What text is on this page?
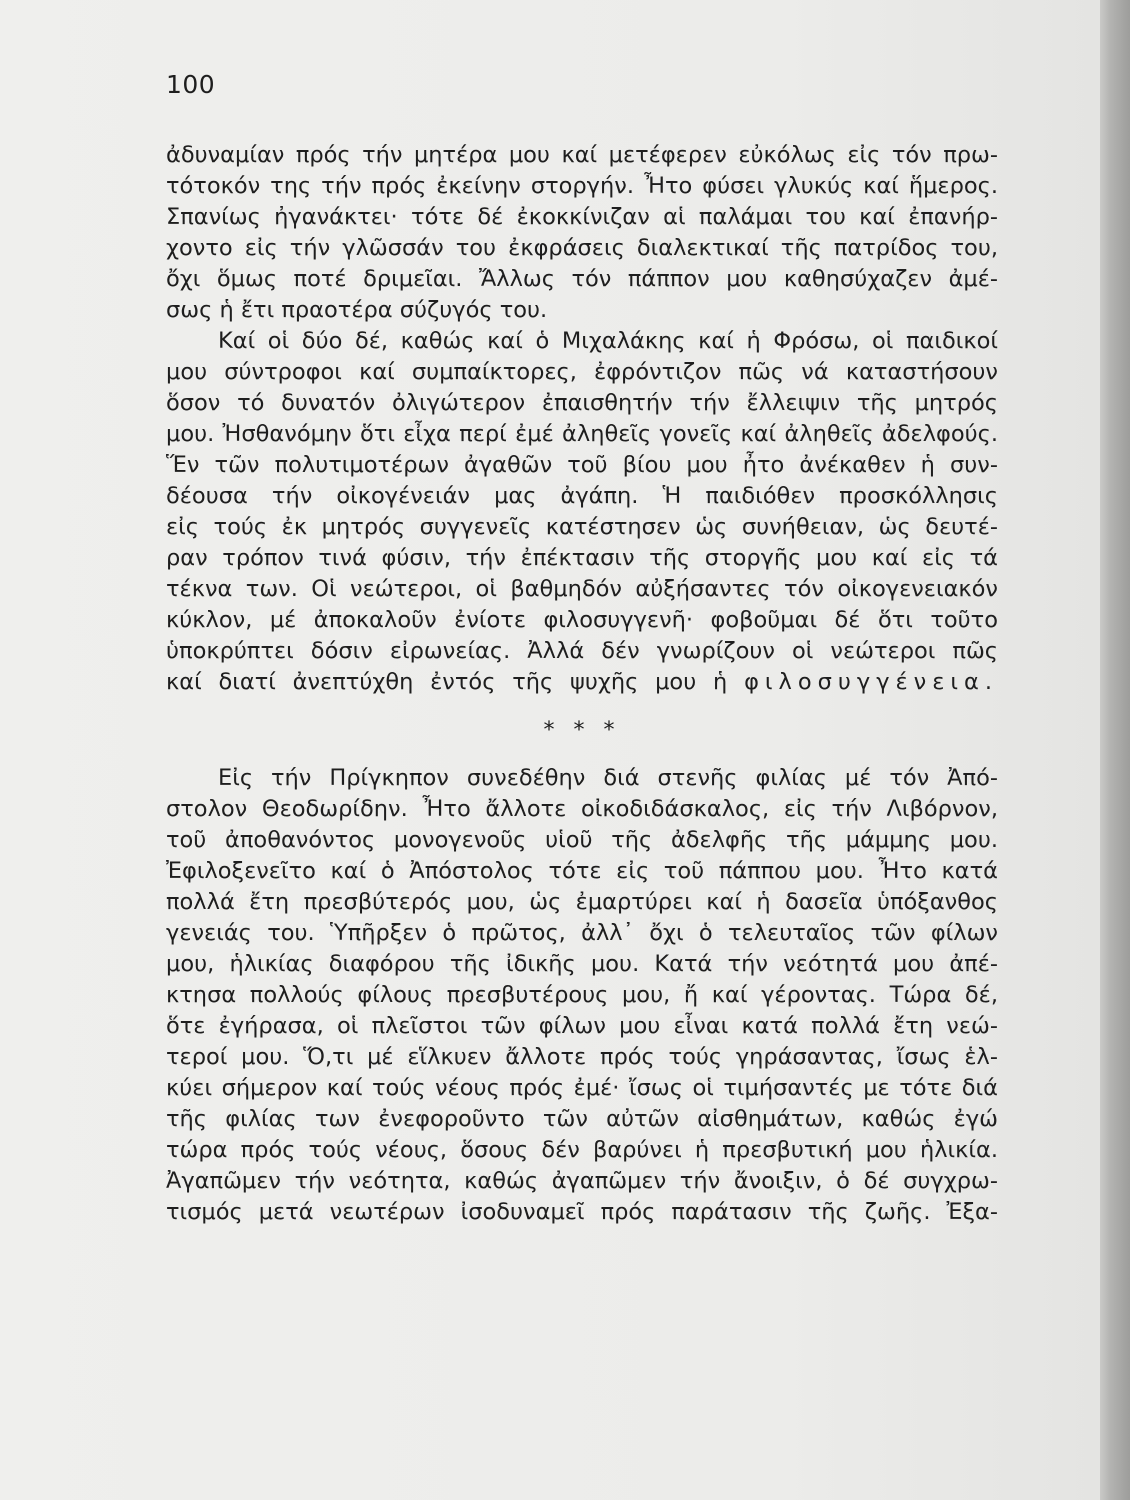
100
ἀδυναμίαν πρός τήν μητέρα μου καί μετέφερεν εὐκόλως εἰς τόν πρω-
τότοκόν της τήν πρός ἐκείνην στοργήν. Ἦτο φύσει γλυκύς καί ἥμερος.
Σπανίως ἠγανάκτει· τότε δέ ἐκοκκίνιζαν αἱ παλάμαι του καί ἐπανήρ-
χοντο εἰς τήν γλῶσσάν του ἐκφράσεις διαλεκτικαί τῆς πατρίδος του,
ὄχι ὅμως ποτέ δριμεῖαι. Ἄλλως τόν πάππον μου καθησύχαζεν ἀμέ-
σως ἡ ἔτι πραοτέρα σύζυγός του.
Καί οἱ δύο δέ, καθώς καί ὁ Μιχαλάκης καί ἡ Φρόσω, οἱ παιδικοί
μου σύντροφοι καί συμπαίκτορες, ἐφρόντιζον πῶς νά καταστήσουν
ὅσον τό δυνατόν ὀλιγώτερον ἐπαισθητήν τήν ἔλλειψιν τῆς μητρός
μου. Ἠσθανόμην ὅτι εἶχα περί ἐμέ ἀληθεῖς γονεῖς καί ἀληθεῖς ἀδελφούς.
Ἕν τῶν πολυτιμοτέρων ἀγαθῶν τοῦ βίου μου ἦτο ἀνέκαθεν ἡ συν-
δέουσα τήν οἰκογένειάν μας ἀγάπη. Ἡ παιδιόθεν προσκόλλησις
εἰς τούς ἐκ μητρός συγγενεῖς κατέστησεν ὡς συνήθειαν, ὡς δευτέ-
ραν τρόπον τινά φύσιν, τήν ἐπέκτασιν τῆς στοργῆς μου καί εἰς τά
τέκνα των. Οἱ νεώτεροι, οἱ βαθμηδόν αὐξήσαντες τόν οἰκογενειακόν
κύκλον, μέ ἀποκαλοῦν ἐνίοτε φιλοσυγγενῆ· φοβοῦμαι δέ ὅτι τοῦτο
ὑποκρύπτει δόσιν εἰρωνείας. Ἀλλά δέν γνωρίζουν οἱ νεώτεροι πῶς
καί διατί ἀνεπτύχθη ἐντός τῆς ψυχῆς μου ἡ φιλοσυγγένεια.
* * *
Εἰς τήν Πρίγκηπον συνεδέθην διά στενῆς φιλίας μέ τόν Ἀπό-
στολον Θεοδωρίδην. Ἦτο ἄλλοτε οἰκοδιδάσκαλος, εἰς τήν Λιβόρνον,
τοῦ ἀποθανόντος μονογενοῦς υἱοῦ τῆς ἀδελφῆς τῆς μάμμης μου.
Ἐφιλοξενεῖτο καί ὁ Ἀπόστολος τότε εἰς τοῦ πάππου μου. Ἦτο κατά
πολλά ἔτη πρεσβύτερός μου, ὡς ἐμαρτύρει καί ἡ δασεῖα ὑπόξανθος
γενειάς του. Ὑπῆρξεν ὁ πρῶτος, ἀλλ᾽ ὄχι ὁ τελευταῖος τῶν φίλων
μου, ἡλικίας διαφόρου τῆς ἰδικῆς μου. Κατά τήν νεότητά μου ἀπέ-
κτησα πολλούς φίλους πρεσβυτέρους μου, ἤ καί γέροντας. Τώρα δέ,
ὅτε ἐγήρασα, οἱ πλεῖστοι τῶν φίλων μου εἶναι κατά πολλά ἔτη νεώ-
τεροί μου. Ὅ,τι μέ εἵλκυεν ἄλλοτε πρός τούς γηράσαντας, ἴσως ἑλ-
κύει σήμερον καί τούς νέους πρός ἐμέ· ἴσως οἱ τιμήσαντές με τότε διά
τῆς φιλίας των ἐνεφοροῦντο τῶν αὐτῶν αἰσθημάτων, καθώς ἐγώ
τώρα πρός τούς νέους, ὅσους δέν βαρύνει ἡ πρεσβυτική μου ἡλικία.
Ἀγαπῶμεν τήν νεότητα, καθώς ἀγαπῶμεν τήν ἄνοιξιν, ὁ δέ συγχρω-
τισμός μετά νεωτέρων ἰσοδυναμεῖ πρός παράτασιν τῆς ζωῆς. Ἐξα-
